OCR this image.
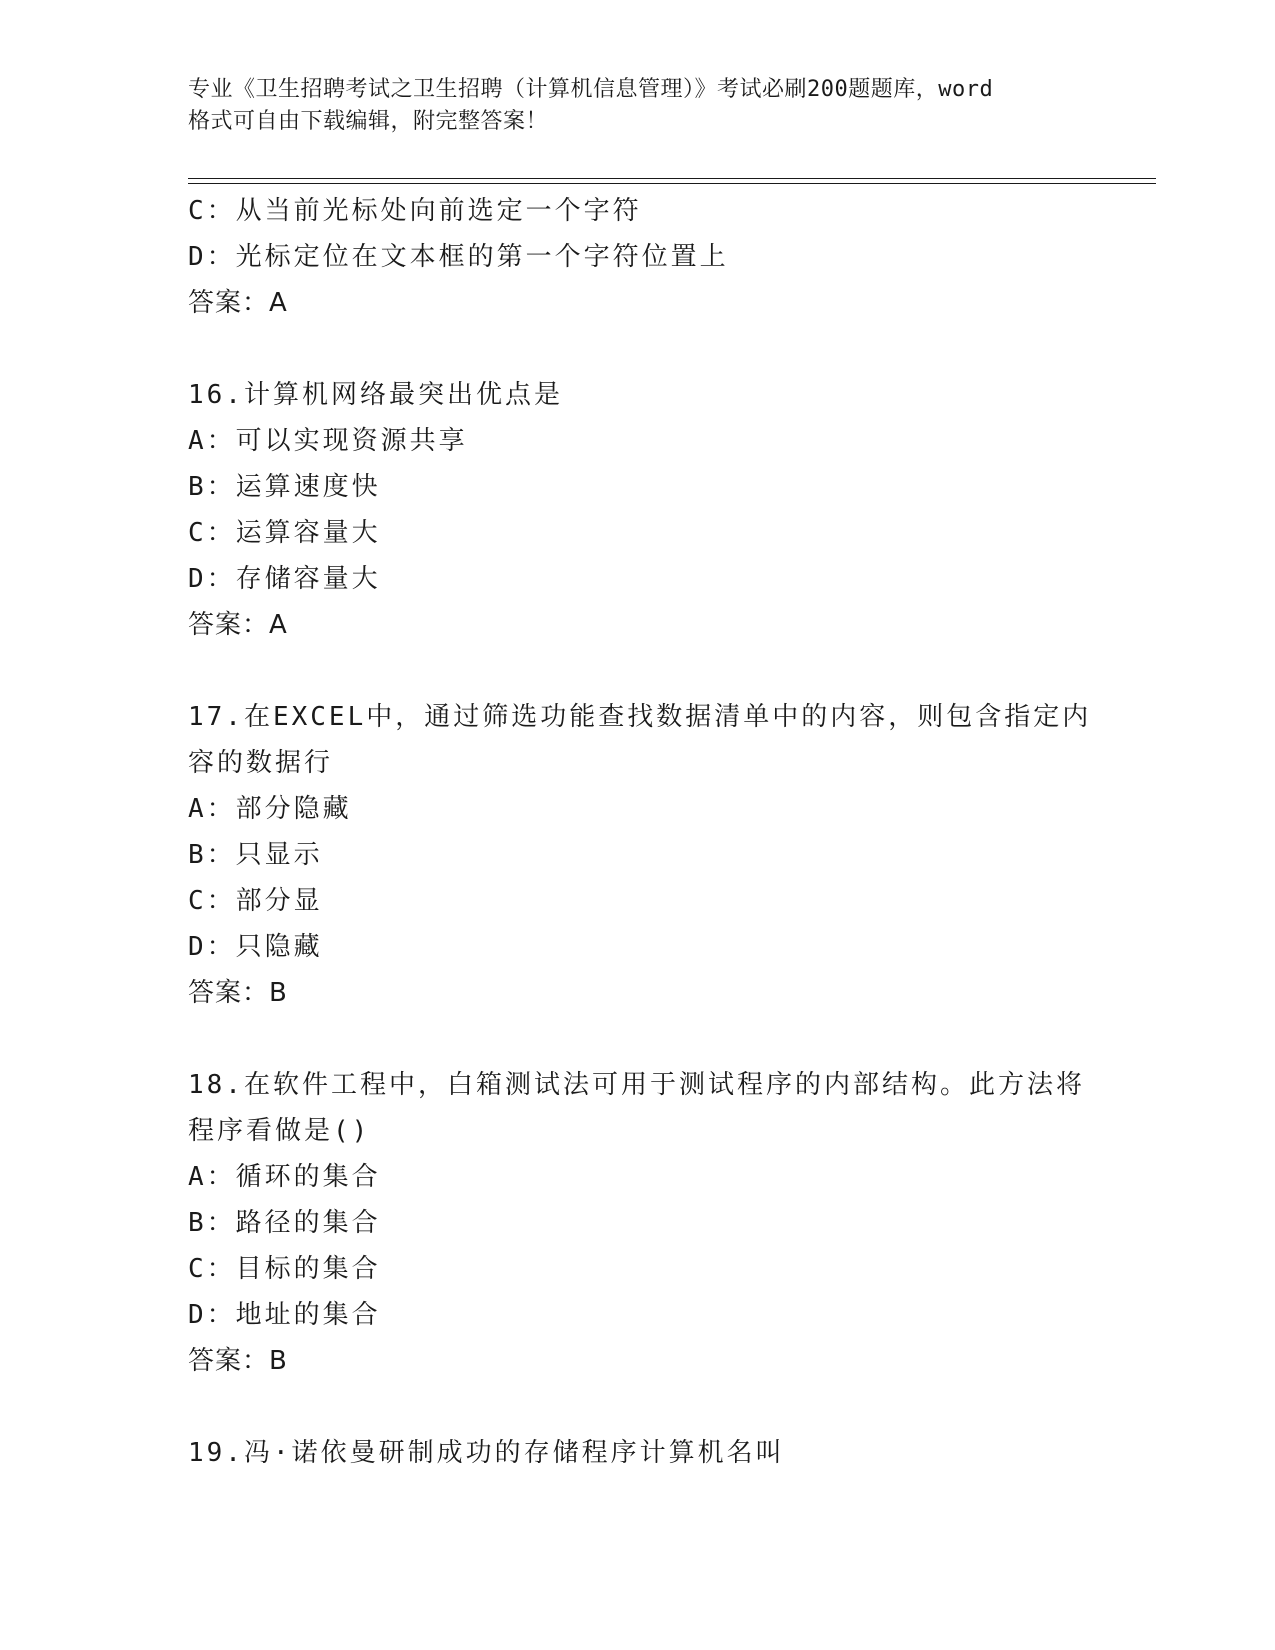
专业《卫生招聘考试之卫生招聘（计算机信息管理）》考试必刷200题题库，word
格式可自由下载编辑，附完整答案！
C：从当前光标处向前选定一个字符
D：光标定位在文本框的第一个字符位置上
答案：A
16.计算机网络最突出优点是
A：可以实现资源共享
B：运算速度快
C：运算容量大
D：存储容量大
答案：A
17.在EXCEL中，通过筛选功能查找数据清单中的内容，则包含指定内
容的数据行
A：部分隐藏
B：只显示
C：部分显
D：只隐藏
答案：B
18.在软件工程中，白箱测试法可用于测试程序的内部结构。此方法将
程序看做是()
A：循环的集合
B：路径的集合
C：目标的集合
D：地址的集合
答案：B
19.冯·诺依曼研制成功的存储程序计算机名叫
